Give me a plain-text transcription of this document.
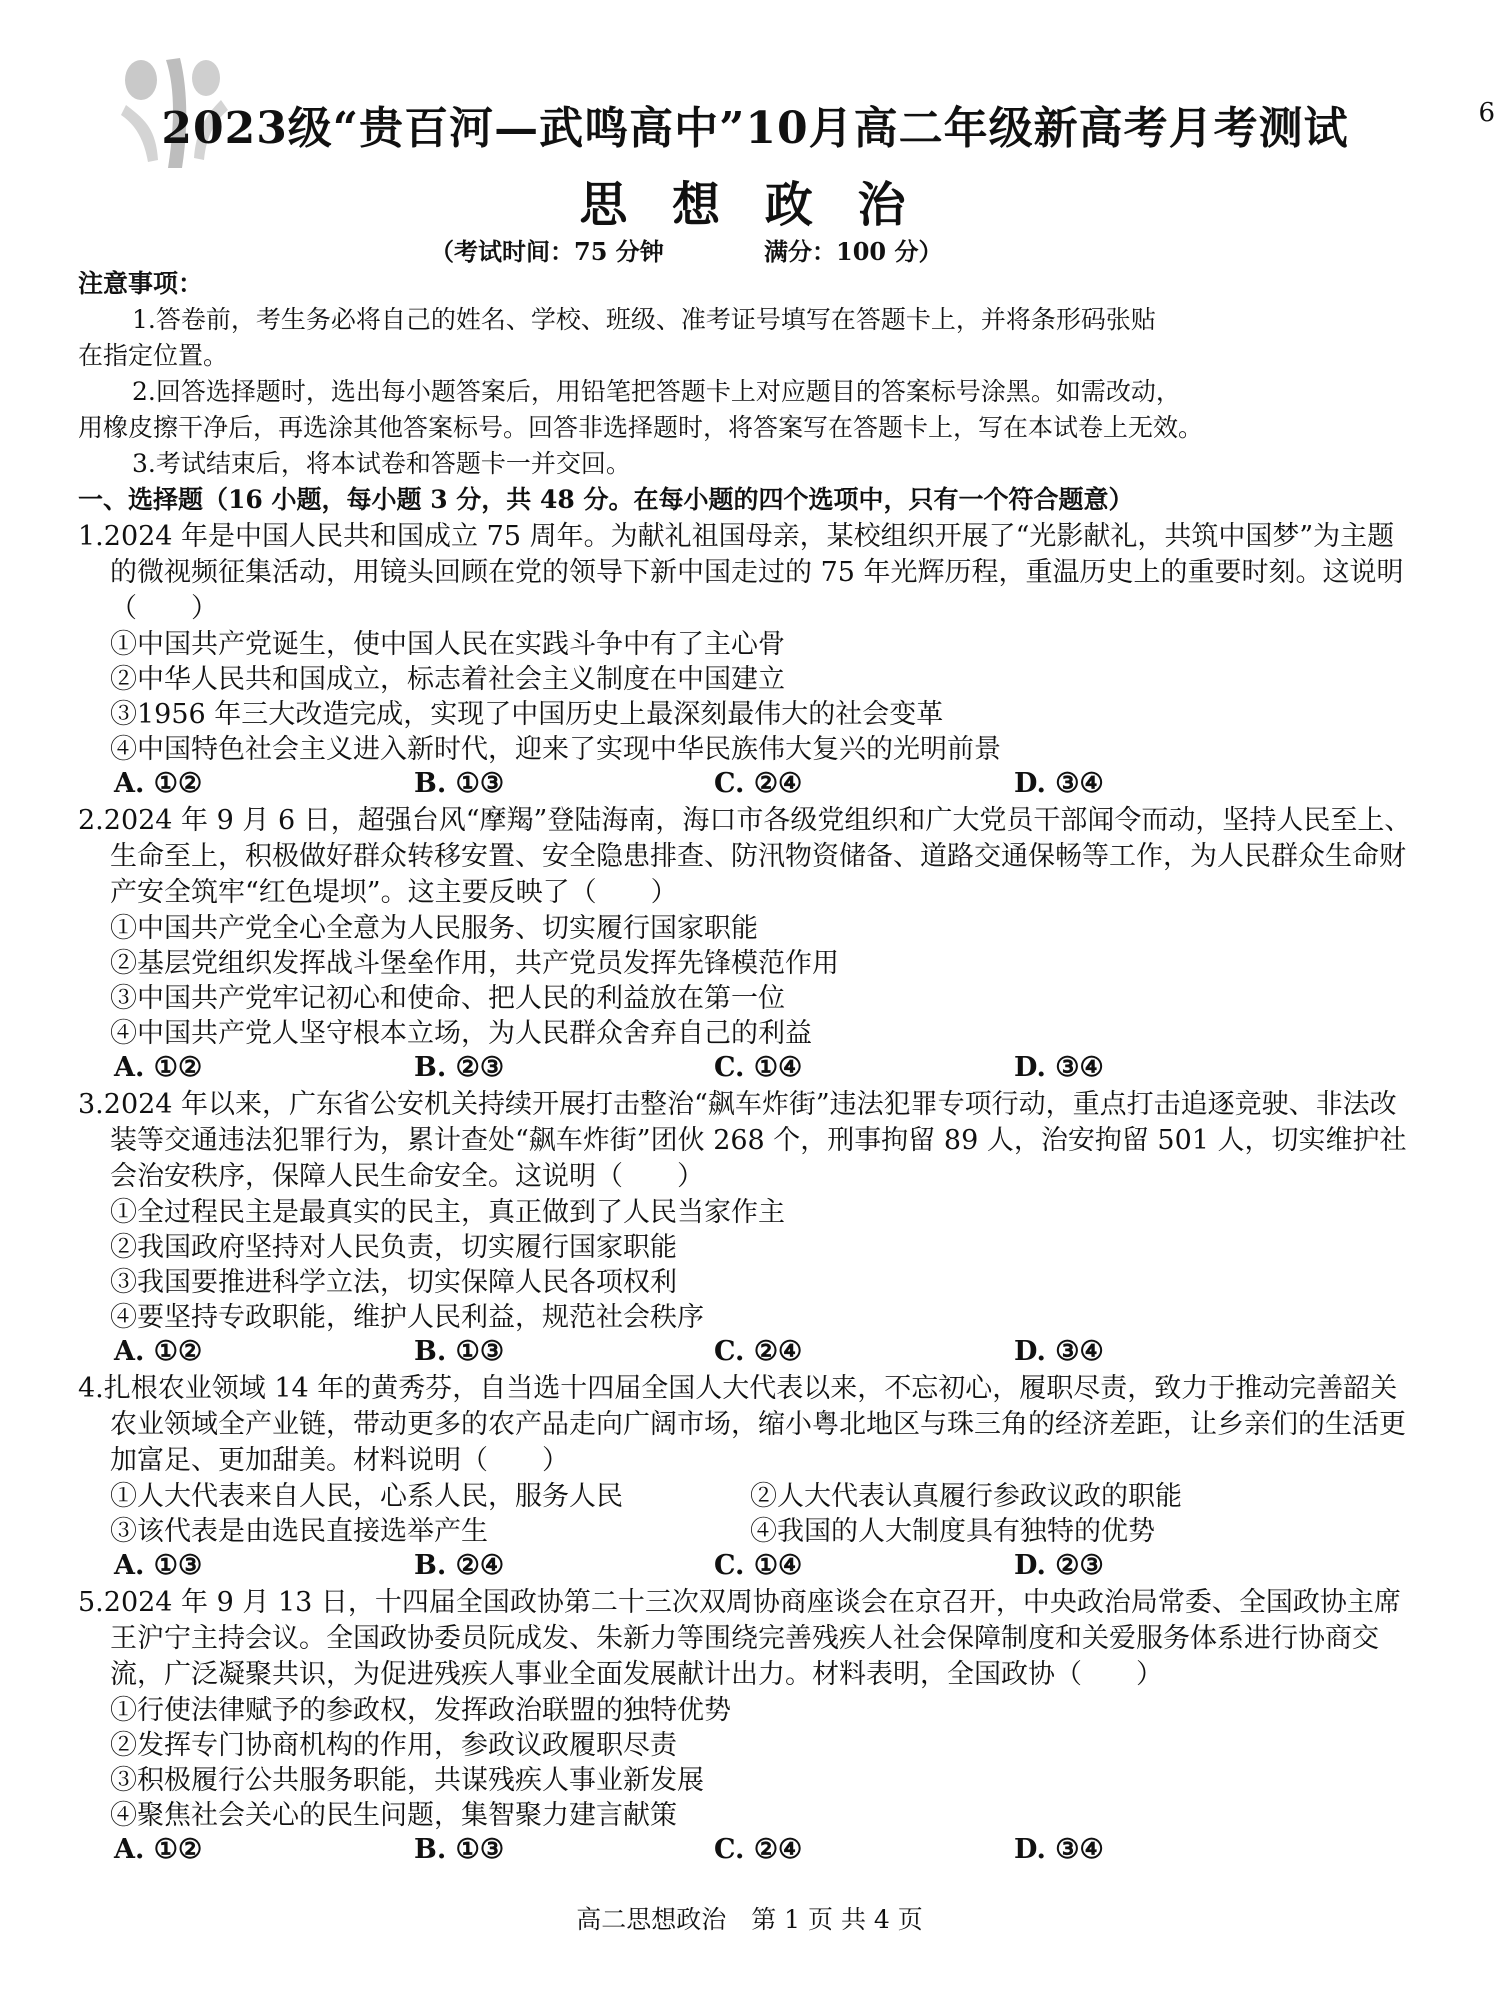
6
2023级“贵百河—武鸣高中”10月高二年级新高考月考测试
思 想 政 治
（考试时间：75 分钟	满分：100 分）

注意事项：

1.答卷前，考生务必将自己的姓名、学校、班级、准考证号填写在答题卡上，并将条形码张贴

在指定位置。

2.回答选择题时，选出每小题答案后，用铅笔把答题卡上对应题目的答案标号涂黑。如需改动，

用橡皮擦干净后，再选涂其他答案标号。回答非选择题时，将答案写在答题卡上，写在本试卷上无效。

3.考试结束后，将本试卷和答题卡一并交回。

一、选择题（16 小题，每小题 3 分，共 48 分。在每小题的四个选项中，只有一个符合题意）
1.2024 年是中国人民共和国成立 75 周年。为献礼祖国母亲，某校组织开展了“光影献礼，共筑中国梦”为主题的微视频征集活动，用镜头回顾在党的领导下新中国走过的 75 年光辉历程，重温历史上的重要时刻。这说明（　　）
①中国共产党诞生，使中国人民在实践斗争中有了主心骨
②中华人民共和国成立，标志着社会主义制度在中国建立
③1956 年三大改造完成，实现了中国历史上最深刻最伟大的社会变革
④中国特色社会主义进入新时代，迎来了实现中华民族伟大复兴的光明前景
A. ①②	B. ①③	C. ②④	D. ③④
2.2024 年 9 月 6 日，超强台风“摩羯”登陆海南，海口市各级党组织和广大党员干部闻令而动，坚持人民至上、生命至上，积极做好群众转移安置、安全隐患排查、防汛物资储备、道路交通保畅等工作，为人民群众生命财产安全筑牢“红色堤坝”。这主要反映了（　　）
①中国共产党全心全意为人民服务、切实履行国家职能
②基层党组织发挥战斗堡垒作用，共产党员发挥先锋模范作用
③中国共产党牢记初心和使命、把人民的利益放在第一位
④中国共产党人坚守根本立场，为人民群众舍弃自己的利益
A. ①②	B. ②③	C. ①④	D. ③④
3.2024 年以来，广东省公安机关持续开展打击整治“飙车炸街”违法犯罪专项行动，重点打击追逐竞驶、非法改装等交通违法犯罪行为，累计查处“飙车炸街”团伙 268 个，刑事拘留 89 人，治安拘留 501 人，切实维护社会治安秩序，保障人民生命安全。这说明（　　）
①全过程民主是最真实的民主，真正做到了人民当家作主
②我国政府坚持对人民负责，切实履行国家职能
③我国要推进科学立法，切实保障人民各项权利
④要坚持专政职能，维护人民利益，规范社会秩序
A. ①②	B. ①③	C. ②④	D. ③④
4.扎根农业领域 14 年的黄秀芬，自当选十四届全国人大代表以来，不忘初心，履职尽责，致力于推动完善韶关农业领域全产业链，带动更多的农产品走向广阔市场，缩小粤北地区与珠三角的经济差距，让乡亲们的生活更加富足、更加甜美。材料说明（　　）
①人大代表来自人民，心系人民，服务人民	②人大代表认真履行参政议政的职能
③该代表是由选民直接选举产生	④我国的人大制度具有独特的优势
A. ①③	B. ②④	C. ①④	D. ②③
5.2024 年 9 月 13 日，十四届全国政协第二十三次双周协商座谈会在京召开，中央政治局常委、全国政协主席王沪宁主持会议。全国政协委员阮成发、朱新力等围绕完善残疾人社会保障制度和关爱服务体系进行协商交流，广泛凝聚共识，为促进残疾人事业全面发展献计出力。材料表明，全国政协（　　）
①行使法律赋予的参政权，发挥政治联盟的独特优势
②发挥专门协商机构的作用，参政议政履职尽责
③积极履行公共服务职能，共谋残疾人事业新发展
④聚焦社会关心的民生问题，集智聚力建言献策
A. ①②	B. ①③	C. ②④	D. ③④
高二思想政治　第 1 页 共 4 页
